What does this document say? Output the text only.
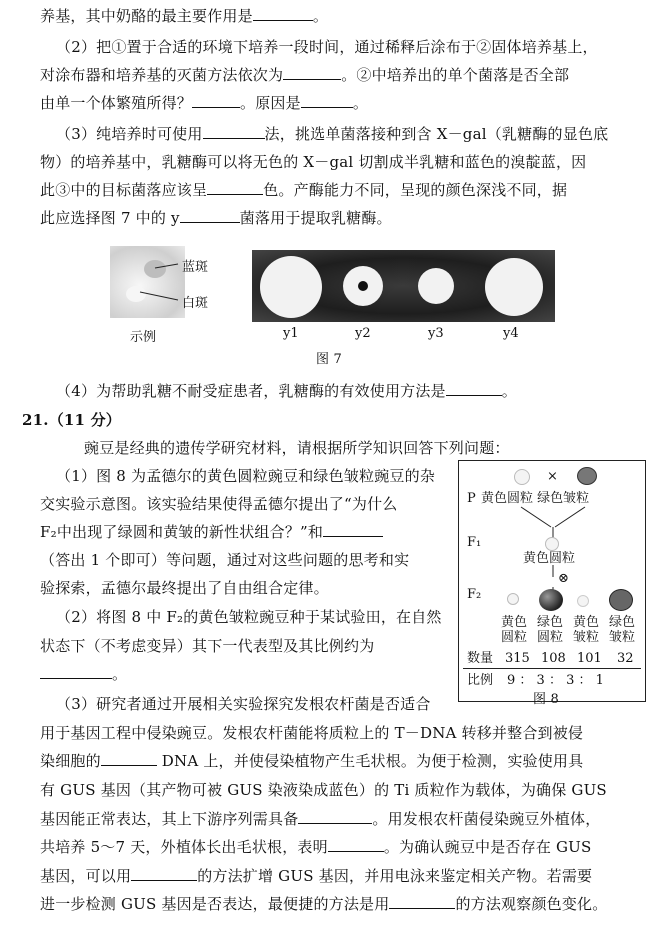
养基，其中奶酪的最主要作用是	。
（2）把①置于合适的环境下培养一段时间，通过稀释后涂布于②固体培养基上，
对涂布器和培养基的灭菌方法依次为	。②中培养出的单个菌落是否全部
由单一个体繁殖所得？	。原因是	。
（3）纯培养时可使用	法，挑选单菌落接种到含 X－gal（乳糖酶的显色底
物）的培养基中，乳糖酶可以将无色的 X－gal 切割成半乳糖和蓝色的溴靛蓝，因
此③中的目标菌落应该呈	色。产酶能力不同，呈现的颜色深浅不同，据
此应选择图 7 中的 y	菌落用于提取乳糖酶。
蓝斑
白斑
示例	y1	y2	y3	y4
图 7
（4）为帮助乳糖不耐受症患者，乳糖酶的有效使用方法是	。
21.（11 分）
豌豆是经典的遗传学研究材料，请根据所学知识回答下列问题：
（1）图 8 为孟德尔的黄色圆粒豌豆和绿色皱粒豌豆的杂
交实验示意图。该实验结果使得孟德尔提出了“为什么
F₂中出现了绿圆和黄皱的新性状组合？”和
（答出 1 个即可）等问题，通过对这些问题的思考和实
验探索，孟德尔最终提出了自由组合定律。
（2）将图 8 中 F₂的黄色皱粒豌豆种于某试验田，在自然
状态下（不考虑变异）其下一代表型及其比例约为
。
×
P 黄色圆粒 绿色皱粒
F₁
黄色圆粒
⊗
F₂
黄色圆粒
绿色圆粒
黄色皱粒
绿色皱粒
数量 315 108 101 32
比例 9 ： 3 ： 3 ： 1
图 8
（3）研究者通过开展相关实验探究发根农杆菌是否适合
用于基因工程中侵染豌豆。发根农杆菌能将质粒上的 T－DNA 转移并整合到被侵
染细胞的	DNA 上，并使侵染植物产生毛状根。为便于检测，实验使用具
有 GUS 基因（其产物可被 GUS 染液染成蓝色）的 Ti 质粒作为载体，为确保 GUS
基因能正常表达，其上下游序列需具备	。用发根农杆菌侵染豌豆外植体，
共培养 5～7 天，外植体长出毛状根，表明	。为确认豌豆中是否存在 GUS
基因，可以用	的方法扩增 GUS 基因，并用电泳来鉴定相关产物。若需要
进一步检测 GUS 基因是否表达，最便捷的方法是用	的方法观察颜色变化。
